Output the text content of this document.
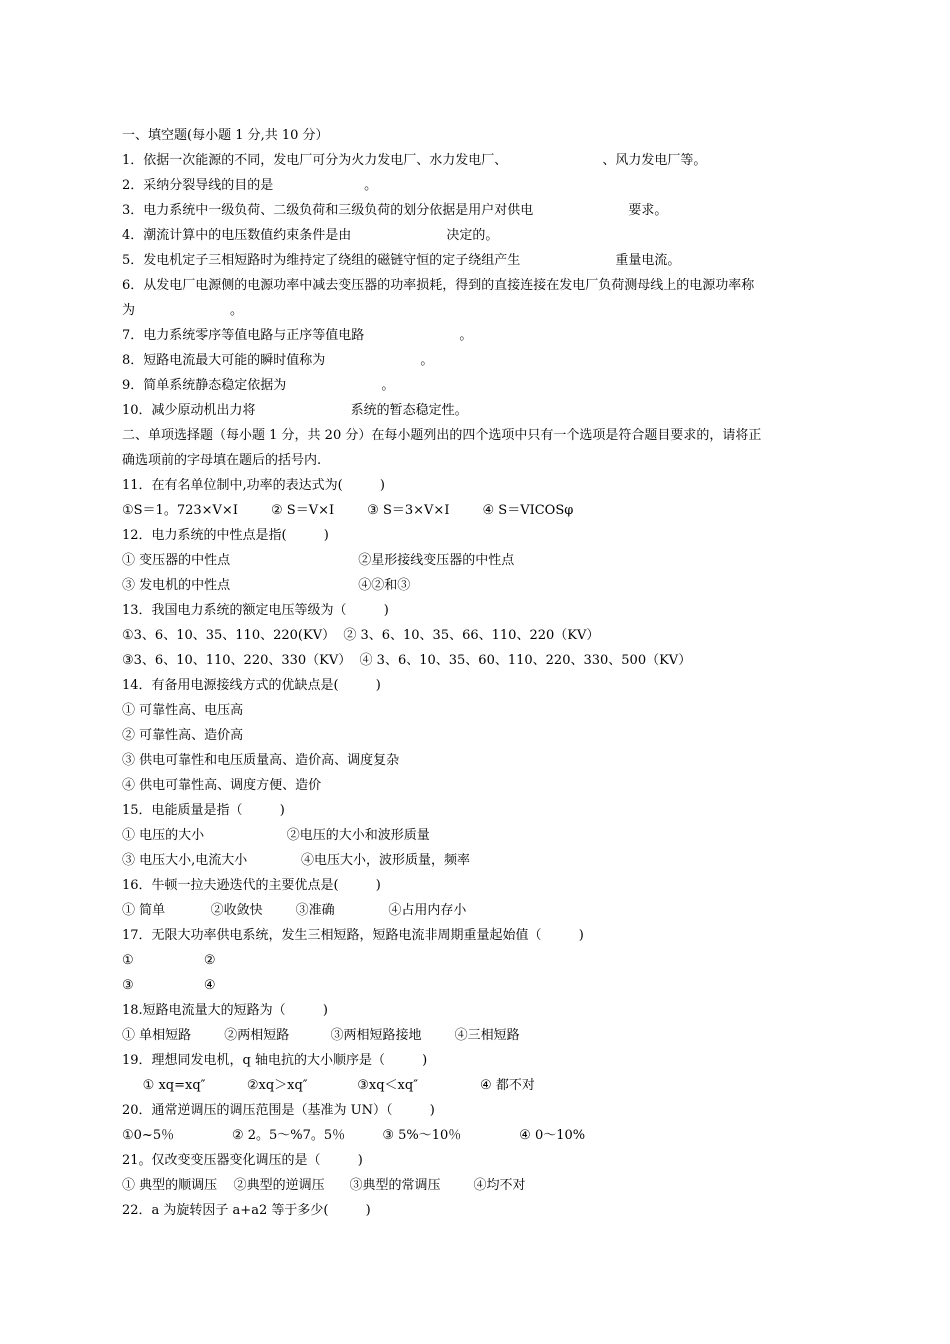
一、填空题(每小题 1 分,共 10 分）
1．依据一次能源的不同，发电厂可分为火力发电厂、水力发电厂、                       、风力发电厂等。
2．采纳分裂导线的目的是                      。
3．电力系统中一级负荷、二级负荷和三级负荷的划分依据是用户对供电                       要求。
4．潮流计算中的电压数值约束条件是由                       决定的。
5．发电机定子三相短路时为维持定了绕组的磁链守恒的定子绕组产生                       重量电流。
6．从发电厂电源侧的电源功率中减去变压器的功率损耗，得到的直接连接在发电厂负荷测母线上的电源功率称
为                       。
7．电力系统零序等值电路与正序等值电路                       。
8．短路电流最大可能的瞬时值称为                       。
9．简单系统静态稳定依据为                       。
10．减少原动机出力将                       系统的暂态稳定性。
二、单项选择题（每小题 1 分，共 20 分）在每小题列出的四个选项中只有一个选项是符合题目要求的，请将正
确选项前的字母填在题后的括号内.
11．在有名单位制中,功率的表达式为(         )
①S＝1。723×V×I        ② S＝V×I        ③ S＝3×V×I        ④ S＝VICOSφ
12．电力系统的中性点是指(         )
① 变压器的中性点                               ②星形接线变压器的中性点
③ 发电机的中性点                               ④②和③
13．我国电力系统的额定电压等级为（         )
①3、6、10、35、110、220(KV）  ② 3、6、10、35、66、110、220（KV）
③3、6、10、110、220、330（KV）  ④ 3、6、10、35、60、110、220、330、500（KV）
14．有备用电源接线方式的优缺点是(         )
① 可靠性高、电压高
② 可靠性高、造价高
③ 供电可靠性和电压质量高、造价高、调度复杂
④ 供电可靠性高、调度方便、造价
15．电能质量是指（         )
① 电压的大小                    ②电压的大小和波形质量
③ 电压大小,电流大小             ④电压大小，波形质量，频率
16．牛顿一拉夫逊迭代的主要优点是(         )
① 简单           ②收敛快        ③准确             ④占用内存小
17．无限大功率供电系统，发生三相短路，短路电流非周期重量起始值（         )
①                 ②
③                 ④
18.短路电流量大的短路为（         )
① 单相短路        ②两相短路          ③两相短路接地        ④三相短路
19．理想同发电机，q 轴电抗的大小顺序是（         )
① xq=xq″          ②xq＞xq″            ③xq＜xq″               ④ 都不对
20．通常逆调压的调压范围是（基准为 UN）（         )
①0~5％              ② 2。5～%7。5％         ③ 5%～10％              ④ 0～10%
21。仅改变变压器变化调压的是（         )
① 典型的顺调压    ②典型的逆调压      ③典型的常调压        ④均不对
22．a 为旋转因子 a+a2 等于多少(         )
